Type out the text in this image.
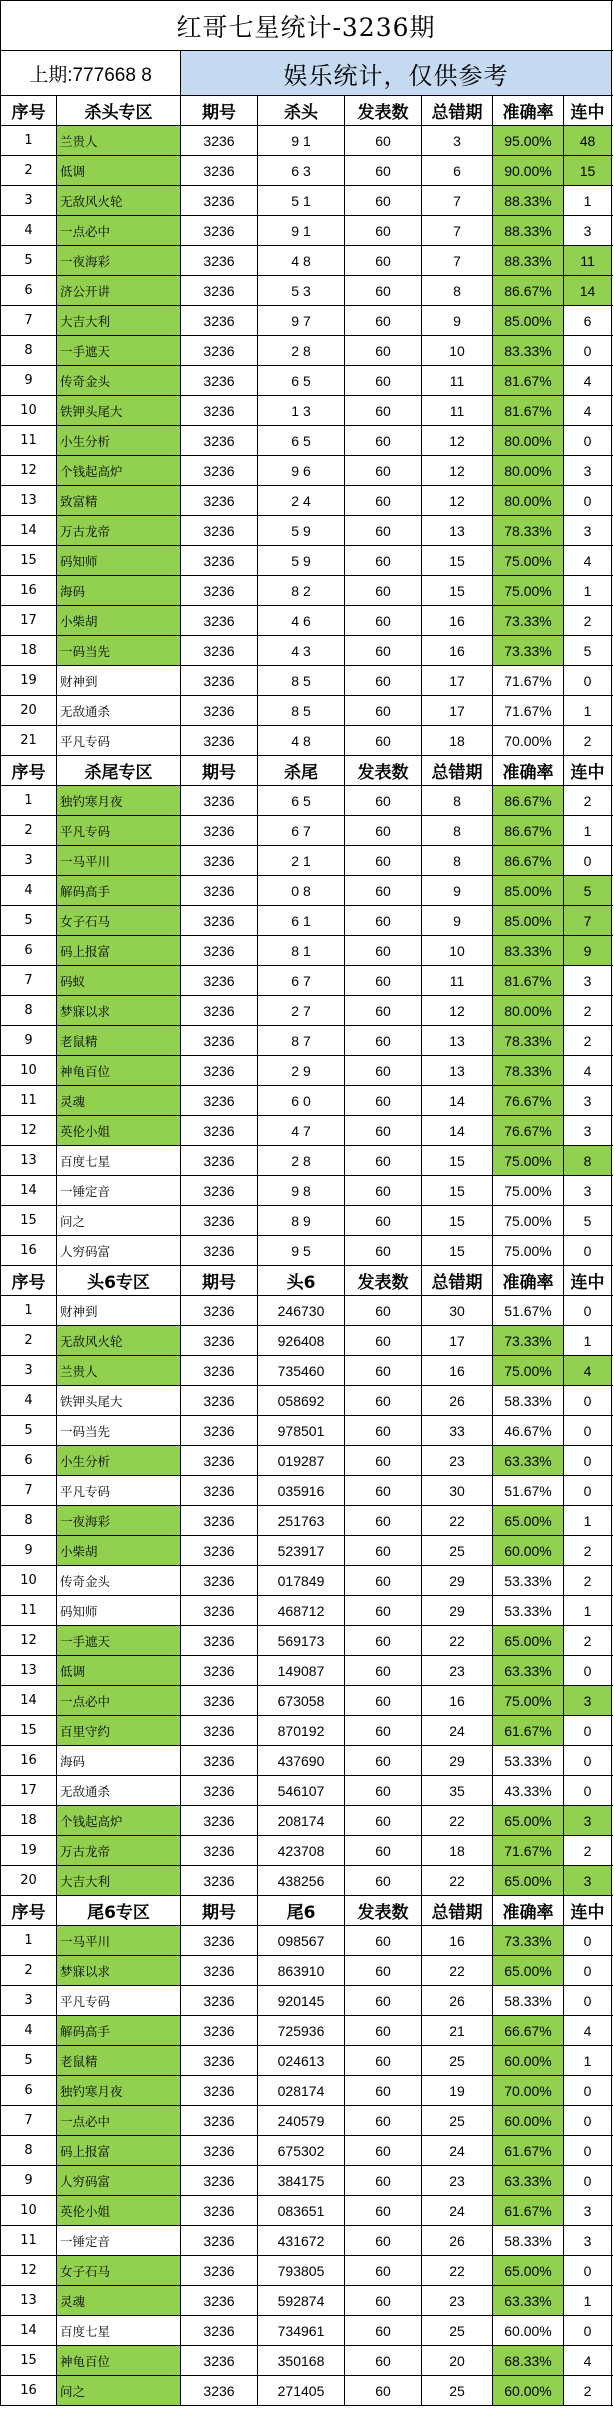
红哥七星统计-3236期
上期:777668 8	娱乐统计，仅供参考
序号	杀头专区	期号	杀头	发表数	总错期	准确率	连中
1	兰贵人	3236	9 1	60	3	95.00%	48
2	低调	3236	6 3	60	6	90.00%	15
3	无敌风火轮	3236	5 1	60	7	88.33%	1
4	一点必中	3236	9 1	60	7	88.33%	3
5	一夜海彩	3236	4 8	60	7	88.33%	11
6	济公开讲	3236	5 3	60	8	86.67%	14
7	大吉大利	3236	9 7	60	9	85.00%	6
8	一手遮天	3236	2 8	60	10	83.33%	0
9	传奇金头	3236	6 5	60	11	81.67%	4
10	铁钾头尾大	3236	1 3	60	11	81.67%	4
11	小生分析	3236	6 5	60	12	80.00%	0
12	个钱起高炉	3236	9 6	60	12	80.00%	3
13	致富精	3236	2 4	60	12	80.00%	0
14	万古龙帝	3236	5 9	60	13	78.33%	3
15	码知师	3236	5 9	60	15	75.00%	4
16	海码	3236	8 2	60	15	75.00%	1
17	小柴胡	3236	4 6	60	16	73.33%	2
18	一码当先	3236	4 3	60	16	73.33%	5
19	财神到	3236	8 5	60	17	71.67%	0
20	无敌通杀	3236	8 5	60	17	71.67%	1
21	平凡专码	3236	4 8	60	18	70.00%	2
序号	杀尾专区	期号	杀尾	发表数	总错期	准确率	连中
1	独钓寒月夜	3236	6 5	60	8	86.67%	2
2	平凡专码	3236	6 7	60	8	86.67%	1
3	一马平川	3236	2 1	60	8	86.67%	0
4	解码高手	3236	0 8	60	9	85.00%	5
5	女子石马	3236	6 1	60	9	85.00%	7
6	码上报富	3236	8 1	60	10	83.33%	9
7	码蚁	3236	6 7	60	11	81.67%	3
8	梦寐以求	3236	2 7	60	12	80.00%	2
9	老鼠精	3236	8 7	60	13	78.33%	2
10	神龟百位	3236	2 9	60	13	78.33%	4
11	灵魂	3236	6 0	60	14	76.67%	3
12	英伦小姐	3236	4 7	60	14	76.67%	3
13	百度七星	3236	2 8	60	15	75.00%	8
14	一锤定音	3236	9 8	60	15	75.00%	3
15	问之	3236	8 9	60	15	75.00%	5
16	人穷码富	3236	9 5	60	15	75.00%	0
序号	头6专区	期号	头6	发表数	总错期	准确率	连中
1	财神到	3236	246730	60	30	51.67%	0
2	无敌风火轮	3236	926408	60	17	73.33%	1
3	兰贵人	3236	735460	60	16	75.00%	4
4	铁钾头尾大	3236	058692	60	26	58.33%	0
5	一码当先	3236	978501	60	33	46.67%	0
6	小生分析	3236	019287	60	23	63.33%	0
7	平凡专码	3236	035916	60	30	51.67%	0
8	一夜海彩	3236	251763	60	22	65.00%	1
9	小柴胡	3236	523917	60	25	60.00%	2
10	传奇金头	3236	017849	60	29	53.33%	2
11	码知师	3236	468712	60	29	53.33%	1
12	一手遮天	3236	569173	60	22	65.00%	2
13	低调	3236	149087	60	23	63.33%	0
14	一点必中	3236	673058	60	16	75.00%	3
15	百里守约	3236	870192	60	24	61.67%	0
16	海码	3236	437690	60	29	53.33%	0
17	无敌通杀	3236	546107	60	35	43.33%	0
18	个钱起高炉	3236	208174	60	22	65.00%	3
19	万古龙帝	3236	423708	60	18	71.67%	2
20	大吉大利	3236	438256	60	22	65.00%	3
序号	尾6专区	期号	尾6	发表数	总错期	准确率	连中
1	一马平川	3236	098567	60	16	73.33%	0
2	梦寐以求	3236	863910	60	22	65.00%	0
3	平凡专码	3236	920145	60	26	58.33%	0
4	解码高手	3236	725936	60	21	66.67%	4
5	老鼠精	3236	024613	60	25	60.00%	1
6	独钓寒月夜	3236	028174	60	19	70.00%	0
7	一点必中	3236	240579	60	25	60.00%	0
8	码上报富	3236	675302	60	24	61.67%	0
9	人穷码富	3236	384175	60	23	63.33%	0
10	英伦小姐	3236	083651	60	24	61.67%	3
11	一锤定音	3236	431672	60	26	58.33%	3
12	女子石马	3236	793805	60	22	65.00%	0
13	灵魂	3236	592874	60	23	63.33%	1
14	百度七星	3236	734961	60	25	60.00%	0
15	神龟百位	3236	350168	60	20	68.33%	4
16	问之	3236	271405	60	25	60.00%	2
